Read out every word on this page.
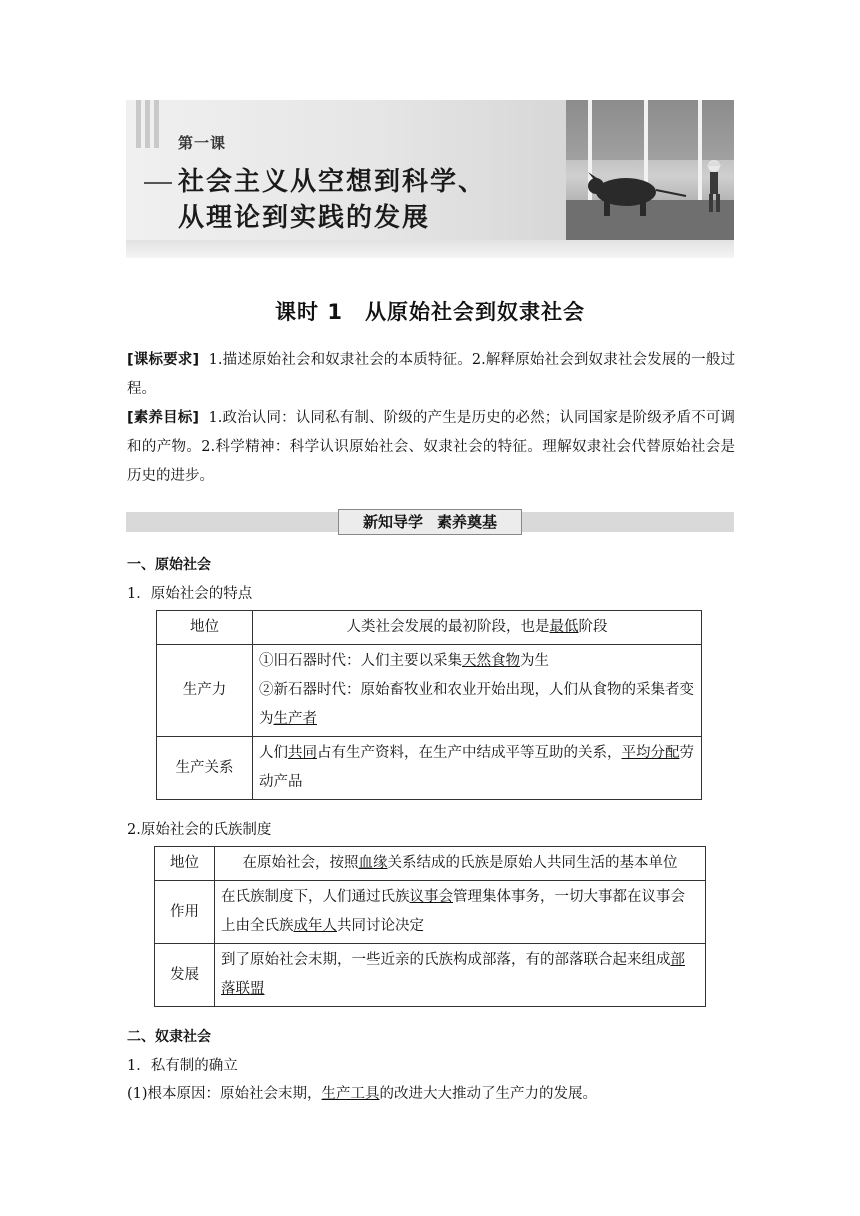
第一课
社会主义从空想到科学、
从理论到实践的发展
课时 1　从原始社会到奴隶社会
[课标要求] 1.描述原始社会和奴隶社会的本质特征。2.解释原始社会到奴隶社会发展的一般过程。
[素养目标] 1.政治认同：认同私有制、阶级的产生是历史的必然；认同国家是阶级矛盾不可调和的产物。2.科学精神：科学认识原始社会、奴隶社会的特征。理解奴隶社会代替原始社会是历史的进步。
新知导学 素养奠基
一、原始社会
1．原始社会的特点
地位	人类社会发展的最初阶段，也是最低阶段
生产力	①旧石器时代：人们主要以采集天然食物为生
②新石器时代：原始畜牧业和农业开始出现，人们从食物的采集者变为生产者

生产关系	人们共同占有生产资料，在生产中结成平等互助的关系，平均分配劳动产品
2.原始社会的氏族制度
地位	在原始社会，按照血缘关系结成的氏族是原始人共同生活的基本单位
作用	在氏族制度下，人们通过氏族议事会管理集体事务，一切大事都在议事会上由全氏族成年人共同讨论决定
发展	到了原始社会末期，一些近亲的氏族构成部落，有的部落联合起来组成部落联盟
二、奴隶社会
1．私有制的确立
(1)根本原因：原始社会末期，生产工具的改进大大推动了生产力的发展。
